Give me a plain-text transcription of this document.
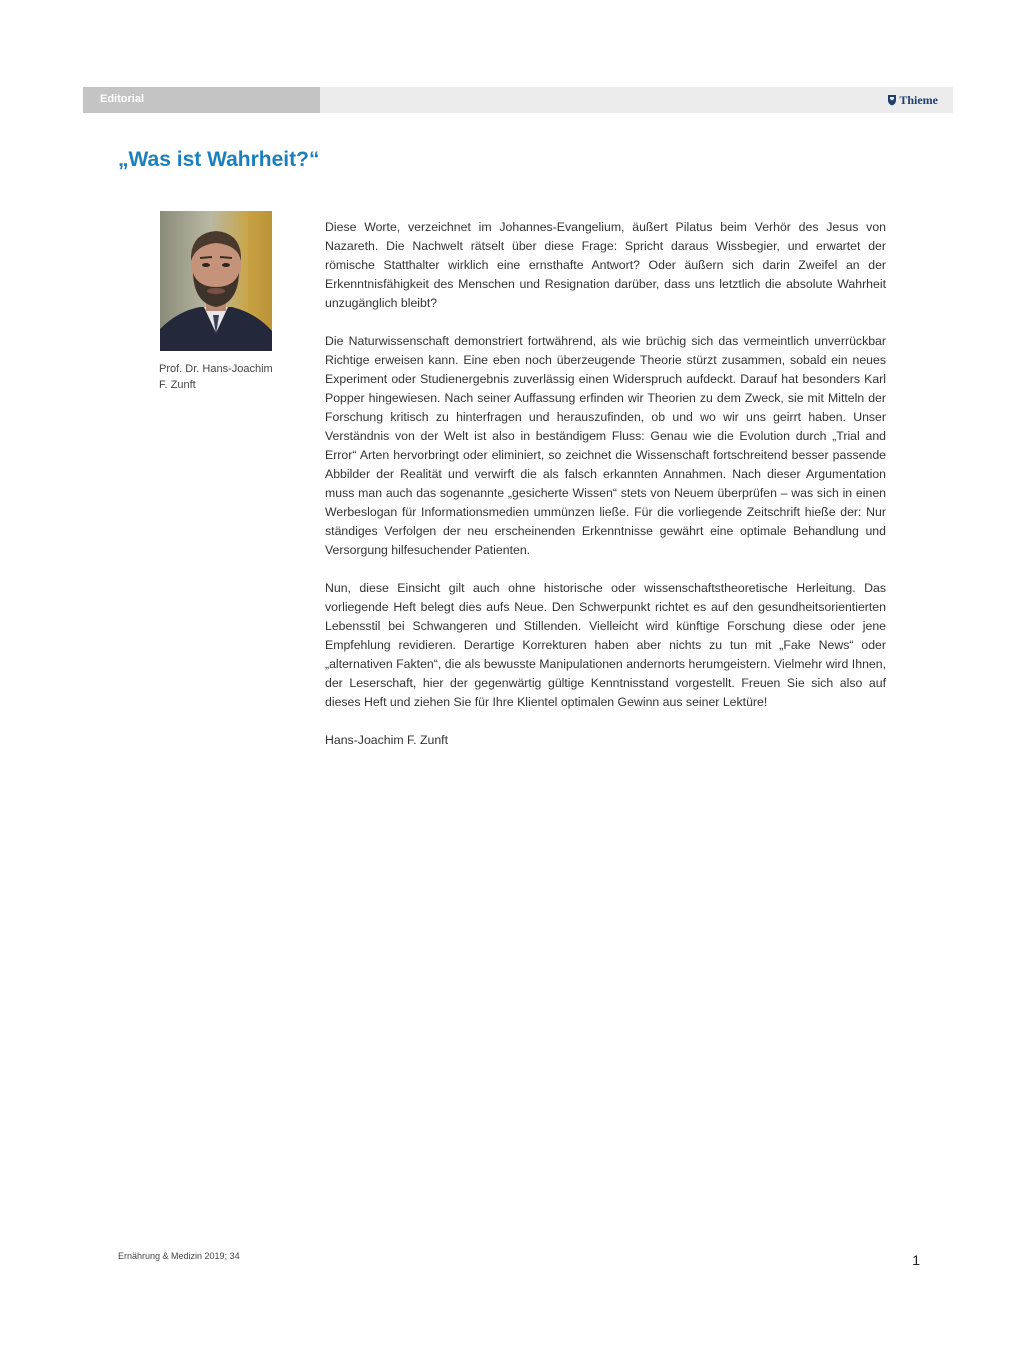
Editorial	Thieme
„Was ist Wahrheit?“
Prof. Dr. Hans-Joachim F. Zunft

Diese Worte, verzeichnet im Johannes-Evangelium, äußert Pilatus beim Verhör des Jesus von Nazareth. Die Nachwelt rätselt über diese Frage: Spricht daraus Wissbegier, und erwartet der römische Statthalter wirklich eine ernsthafte Antwort? Oder äußern sich darin Zweifel an der Erkenntnisfähigkeit des Menschen und Resignation darüber, dass uns letztlich die absolute Wahrheit unzugänglich bleibt?

Die Naturwissenschaft demonstriert fortwährend, als wie brüchig sich das vermeintlich unverrückbar Richtige erweisen kann. Eine eben noch überzeugende Theorie stürzt zusammen, sobald ein neues Experiment oder Studienergebnis zuverlässig einen Widerspruch aufdeckt. Darauf hat besonders Karl Popper hingewiesen. Nach seiner Auffassung erfinden wir Theorien zu dem Zweck, sie mit Mitteln der Forschung kritisch zu hinterfragen und herauszufinden, ob und wo wir uns geirrt haben. Unser Verständnis von der Welt ist also in beständigem Fluss: Genau wie die Evolution durch „Trial and Error“ Arten hervorbringt oder eliminiert, so zeichnet die Wissenschaft fortschreitend besser passende Abbilder der Realität und verwirft die als falsch erkannten Annahmen. Nach dieser Argumentation muss man auch das sogenannte „gesicherte Wissen“ stets von Neuem überprüfen – was sich in einen Werbeslogan für Informationsmedien ummünzen ließe. Für die vorliegende Zeitschrift hieße der: Nur ständiges Verfolgen der neu erscheinenden Erkenntnisse gewährt eine optimale Behandlung und Versorgung hilfesuchender Patienten.

Nun, diese Einsicht gilt auch ohne historische oder wissenschaftstheoretische Herleitung. Das vorliegende Heft belegt dies aufs Neue. Den Schwerpunkt richtet es auf den gesundheitsorientierten Lebensstil bei Schwangeren und Stillenden. Vielleicht wird künftige Forschung diese oder jene Empfehlung revidieren. Derartige Korrekturen haben aber nichts zu tun mit „Fake News“ oder „alternativen Fakten“, die als bewusste Manipulationen andernorts herumgeistern. Vielmehr wird Ihnen, der Leserschaft, hier der gegenwärtig gültige Kenntnisstand vorgestellt. Freuen Sie sich also auf dieses Heft und ziehen Sie für Ihre Klientel optimalen Gewinn aus seiner Lektüre!

Hans-Joachim F. Zunft

Ernährung & Medizin 2019; 34	1
